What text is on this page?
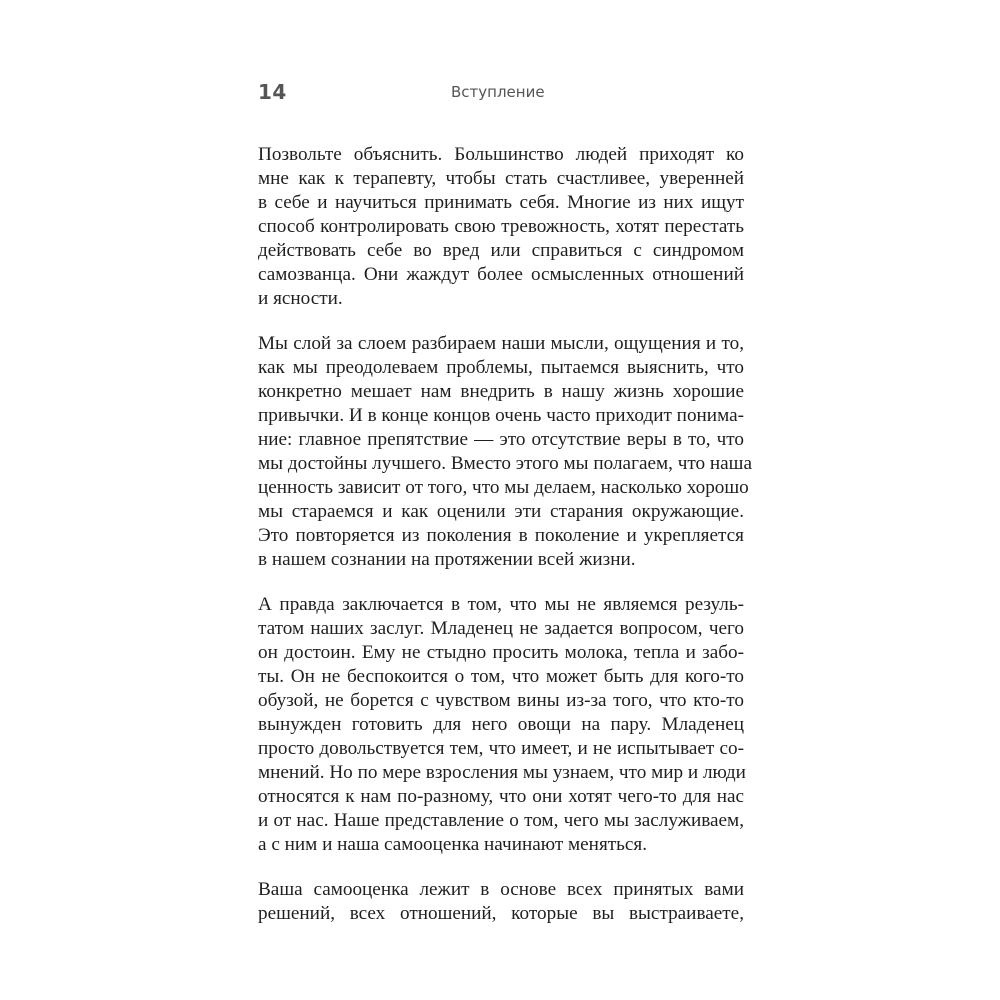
14	Вступление
Позвольте объяснить. Большинство людей приходят ко
мне как к терапевту, чтобы стать счастливее, уверенней
в себе и научиться принимать себя. Многие из них ищут
способ контролировать свою тревожность, хотят перестать
действовать себе во вред или справиться с синдромом
самозванца. Они жаждут более осмысленных отношений
и ясности.
Мы слой за слоем разбираем наши мысли, ощущения и то,
как мы преодолеваем проблемы, пытаемся выяснить, что
конкретно мешает нам внедрить в нашу жизнь хорошие
привычки. И в конце концов очень часто приходит понима-
ние: главное препятствие — это отсутствие веры в то, что
мы достойны лучшего. Вместо этого мы полагаем, что наша
ценность зависит от того, что мы делаем, насколько хорошо
мы стараемся и как оценили эти старания окружающие.
Это повторяется из поколения в поколение и укрепляется
в нашем сознании на протяжении всей жизни.
А правда заключается в том, что мы не являемся резуль-
татом наших заслуг. Младенец не задается вопросом, чего
он достоин. Ему не стыдно просить молока, тепла и забо-
ты. Он не беспокоится о том, что может быть для кого-то
обузой, не борется с чувством вины из-за того, что кто-то
вынужден готовить для него овощи на пару. Младенец
просто довольствуется тем, что имеет, и не испытывает со-
мнений. Но по мере взросления мы узнаем, что мир и люди
относятся к нам по-разному, что они хотят чего-то для нас
и от нас. Наше представление о том, чего мы заслуживаем,
а с ним и наша самооценка начинают меняться.
Ваша самооценка лежит в основе всех принятых вами
решений, всех отношений, которые вы выстраиваете,
